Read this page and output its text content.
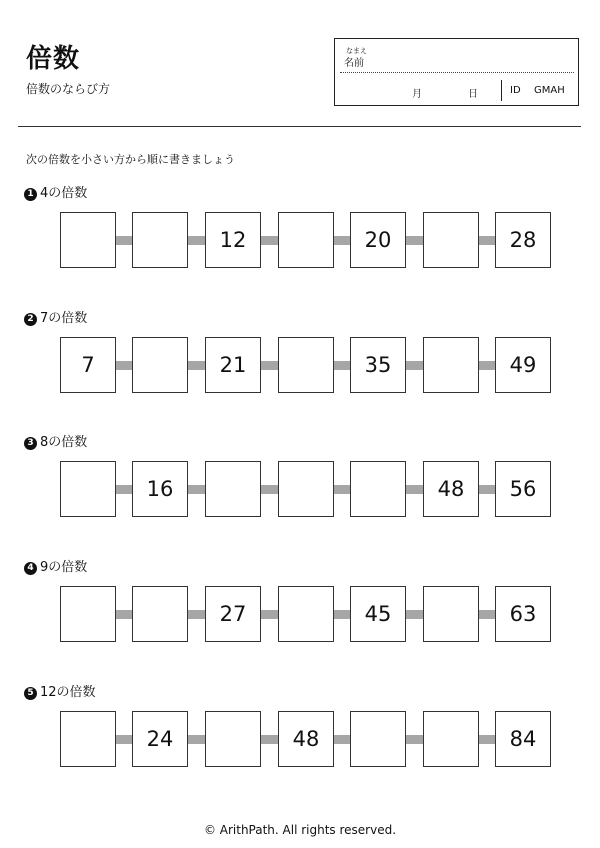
倍数
倍数のならび方
なまえ
名前
月	日	ID GMAH
次の倍数を小さい方から順に書きましょう
1 4の倍数
12	20	28
2 7の倍数
7	21	35	49
3 8の倍数
16	48	56
4 9の倍数
27	45	63
5 12の倍数
24	48	84
© ArithPath. All rights reserved.
